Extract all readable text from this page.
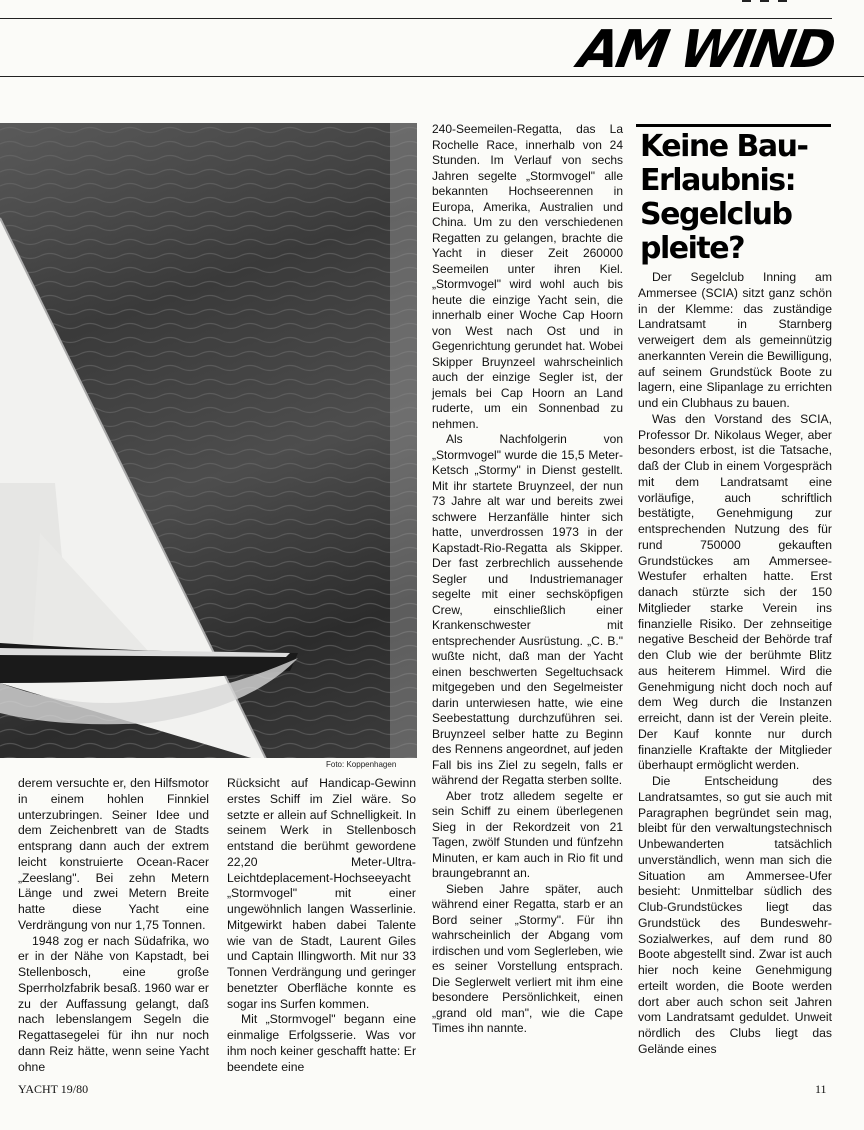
AM WIND
Foto: Koppenhagen

derem versuchte er, den Hilfsmotor in einem hohlen Finnkiel unterzubringen. Seiner Idee und dem Zeichenbrett van de Stadts entsprang dann auch der extrem leicht konstruierte Ocean-Racer „Zeeslang". Bei zehn Metern Länge und zwei Metern Breite hatte diese Yacht eine Verdrängung von nur 1,75 Tonnen.

1948 zog er nach Südafrika, wo er in der Nähe von Kapstadt, bei Stellenbosch, eine große Sperrholzfabrik besaß. 1960 war er zu der Auffassung gelangt, daß nach lebenslangem Segeln die Regattasegelei für ihn nur noch dann Reiz hätte, wenn seine Yacht ohne

Rücksicht auf Handicap-Gewinn erstes Schiff im Ziel wäre. So setzte er allein auf Schnelligkeit. In seinem Werk in Stellenbosch entstand die berühmt gewordene 22,20 Meter-Ultra-Leichtdeplacement-Hochseeyacht „Stormvogel" mit einer ungewöhnlich langen Wasserlinie. Mitgewirkt haben dabei Talente wie van de Stadt, Laurent Giles und Captain Illingworth. Mit nur 33 Tonnen Verdrängung und geringer benetzter Oberfläche konnte es sogar ins Surfen kommen.

Mit „Stormvogel" begann eine einmalige Erfolgsserie. Was vor ihm noch keiner geschafft hatte: Er beendete eine

240-Seemeilen-Regatta, das La Rochelle Race, innerhalb von 24 Stunden. Im Verlauf von sechs Jahren segelte „Stormvogel" alle bekannten Hochseerennen in Europa, Amerika, Australien und China. Um zu den verschiedenen Regatten zu gelangen, brachte die Yacht in dieser Zeit 260000 Seemeilen unter ihren Kiel. „Stormvogel" wird wohl auch bis heute die einzige Yacht sein, die innerhalb einer Woche Cap Hoorn von West nach Ost und in Gegenrichtung gerundet hat. Wobei Skipper Bruynzeel wahrscheinlich auch der einzige Segler ist, der jemals bei Cap Hoorn an Land ruderte, um ein Sonnenbad zu nehmen.

Als Nachfolgerin von „Stormvogel" wurde die 15,5 Meter-Ketsch „Stormy" in Dienst gestellt. Mit ihr startete Bruynzeel, der nun 73 Jahre alt war und bereits zwei schwere Herzanfälle hinter sich hatte, unverdrossen 1973 in der Kapstadt-Rio-Regatta als Skipper. Der fast zerbrechlich aussehende Segler und Industriemanager segelte mit einer sechsköpfigen Crew, einschließlich einer Krankenschwester mit entsprechender Ausrüstung. „C. B." wußte nicht, daß man der Yacht einen beschwerten Segeltuchsack mitgegeben und den Segelmeister darin unterwiesen hatte, wie eine Seebestattung durchzuführen sei. Bruynzeel selber hatte zu Beginn des Rennens angeordnet, auf jeden Fall bis ins Ziel zu segeln, falls er während der Regatta sterben sollte.

Aber trotz alledem segelte er sein Schiff zu einem überlegenen Sieg in der Rekordzeit von 21 Tagen, zwölf Stunden und fünfzehn Minuten, er kam auch in Rio fit und braungebrannt an.

Sieben Jahre später, auch während einer Regatta, starb er an Bord seiner „Stormy". Für ihn wahrscheinlich der Abgang vom irdischen und vom Seglerleben, wie es seiner Vorstellung entsprach. Die Seglerwelt verliert mit ihm eine besondere Persönlichkeit, einen „grand old man", wie die Cape Times ihn nannte.

Keine Bau-
Erlaubnis:
Segelclub
pleite?

Der Segelclub Inning am Ammersee (SCIA) sitzt ganz schön in der Klemme: das zuständige Landratsamt in Starnberg verweigert dem als gemeinnützig anerkannten Verein die Bewilligung, auf seinem Grundstück Boote zu lagern, eine Slipanlage zu errichten und ein Clubhaus zu bauen.

Was den Vorstand des SCIA, Professor Dr. Nikolaus Weger, aber besonders erbost, ist die Tatsache, daß der Club in einem Vorgespräch mit dem Landratsamt eine vorläufige, auch schriftlich bestätigte, Genehmigung zur entsprechenden Nutzung des für rund 750000 gekauften Grundstückes am Ammersee-Westufer erhalten hatte. Erst danach stürzte sich der 150 Mitglieder starke Verein ins finanzielle Risiko. Der zehnseitige negative Bescheid der Behörde traf den Club wie der berühmte Blitz aus heiterem Himmel. Wird die Genehmigung nicht doch noch auf dem Weg durch die Instanzen erreicht, dann ist der Verein pleite. Der Kauf konnte nur durch finanzielle Kraftakte der Mitglieder überhaupt ermöglicht werden.

Die Entscheidung des Landratsamtes, so gut sie auch mit Paragraphen begründet sein mag, bleibt für den verwaltungstechnisch Unbewanderten tatsächlich unverständlich, wenn man sich die Situation am Ammersee-Ufer besieht: Unmittelbar südlich des Club-Grundstückes liegt das Grundstück des Bundeswehr-Sozialwerkes, auf dem rund 80 Boote abgestellt sind. Zwar ist auch hier noch keine Genehmigung erteilt worden, die Boote werden dort aber auch schon seit Jahren vom Landratsamt geduldet. Unweit nördlich des Clubs liegt das Gelände eines

YACHT 19/80	11
